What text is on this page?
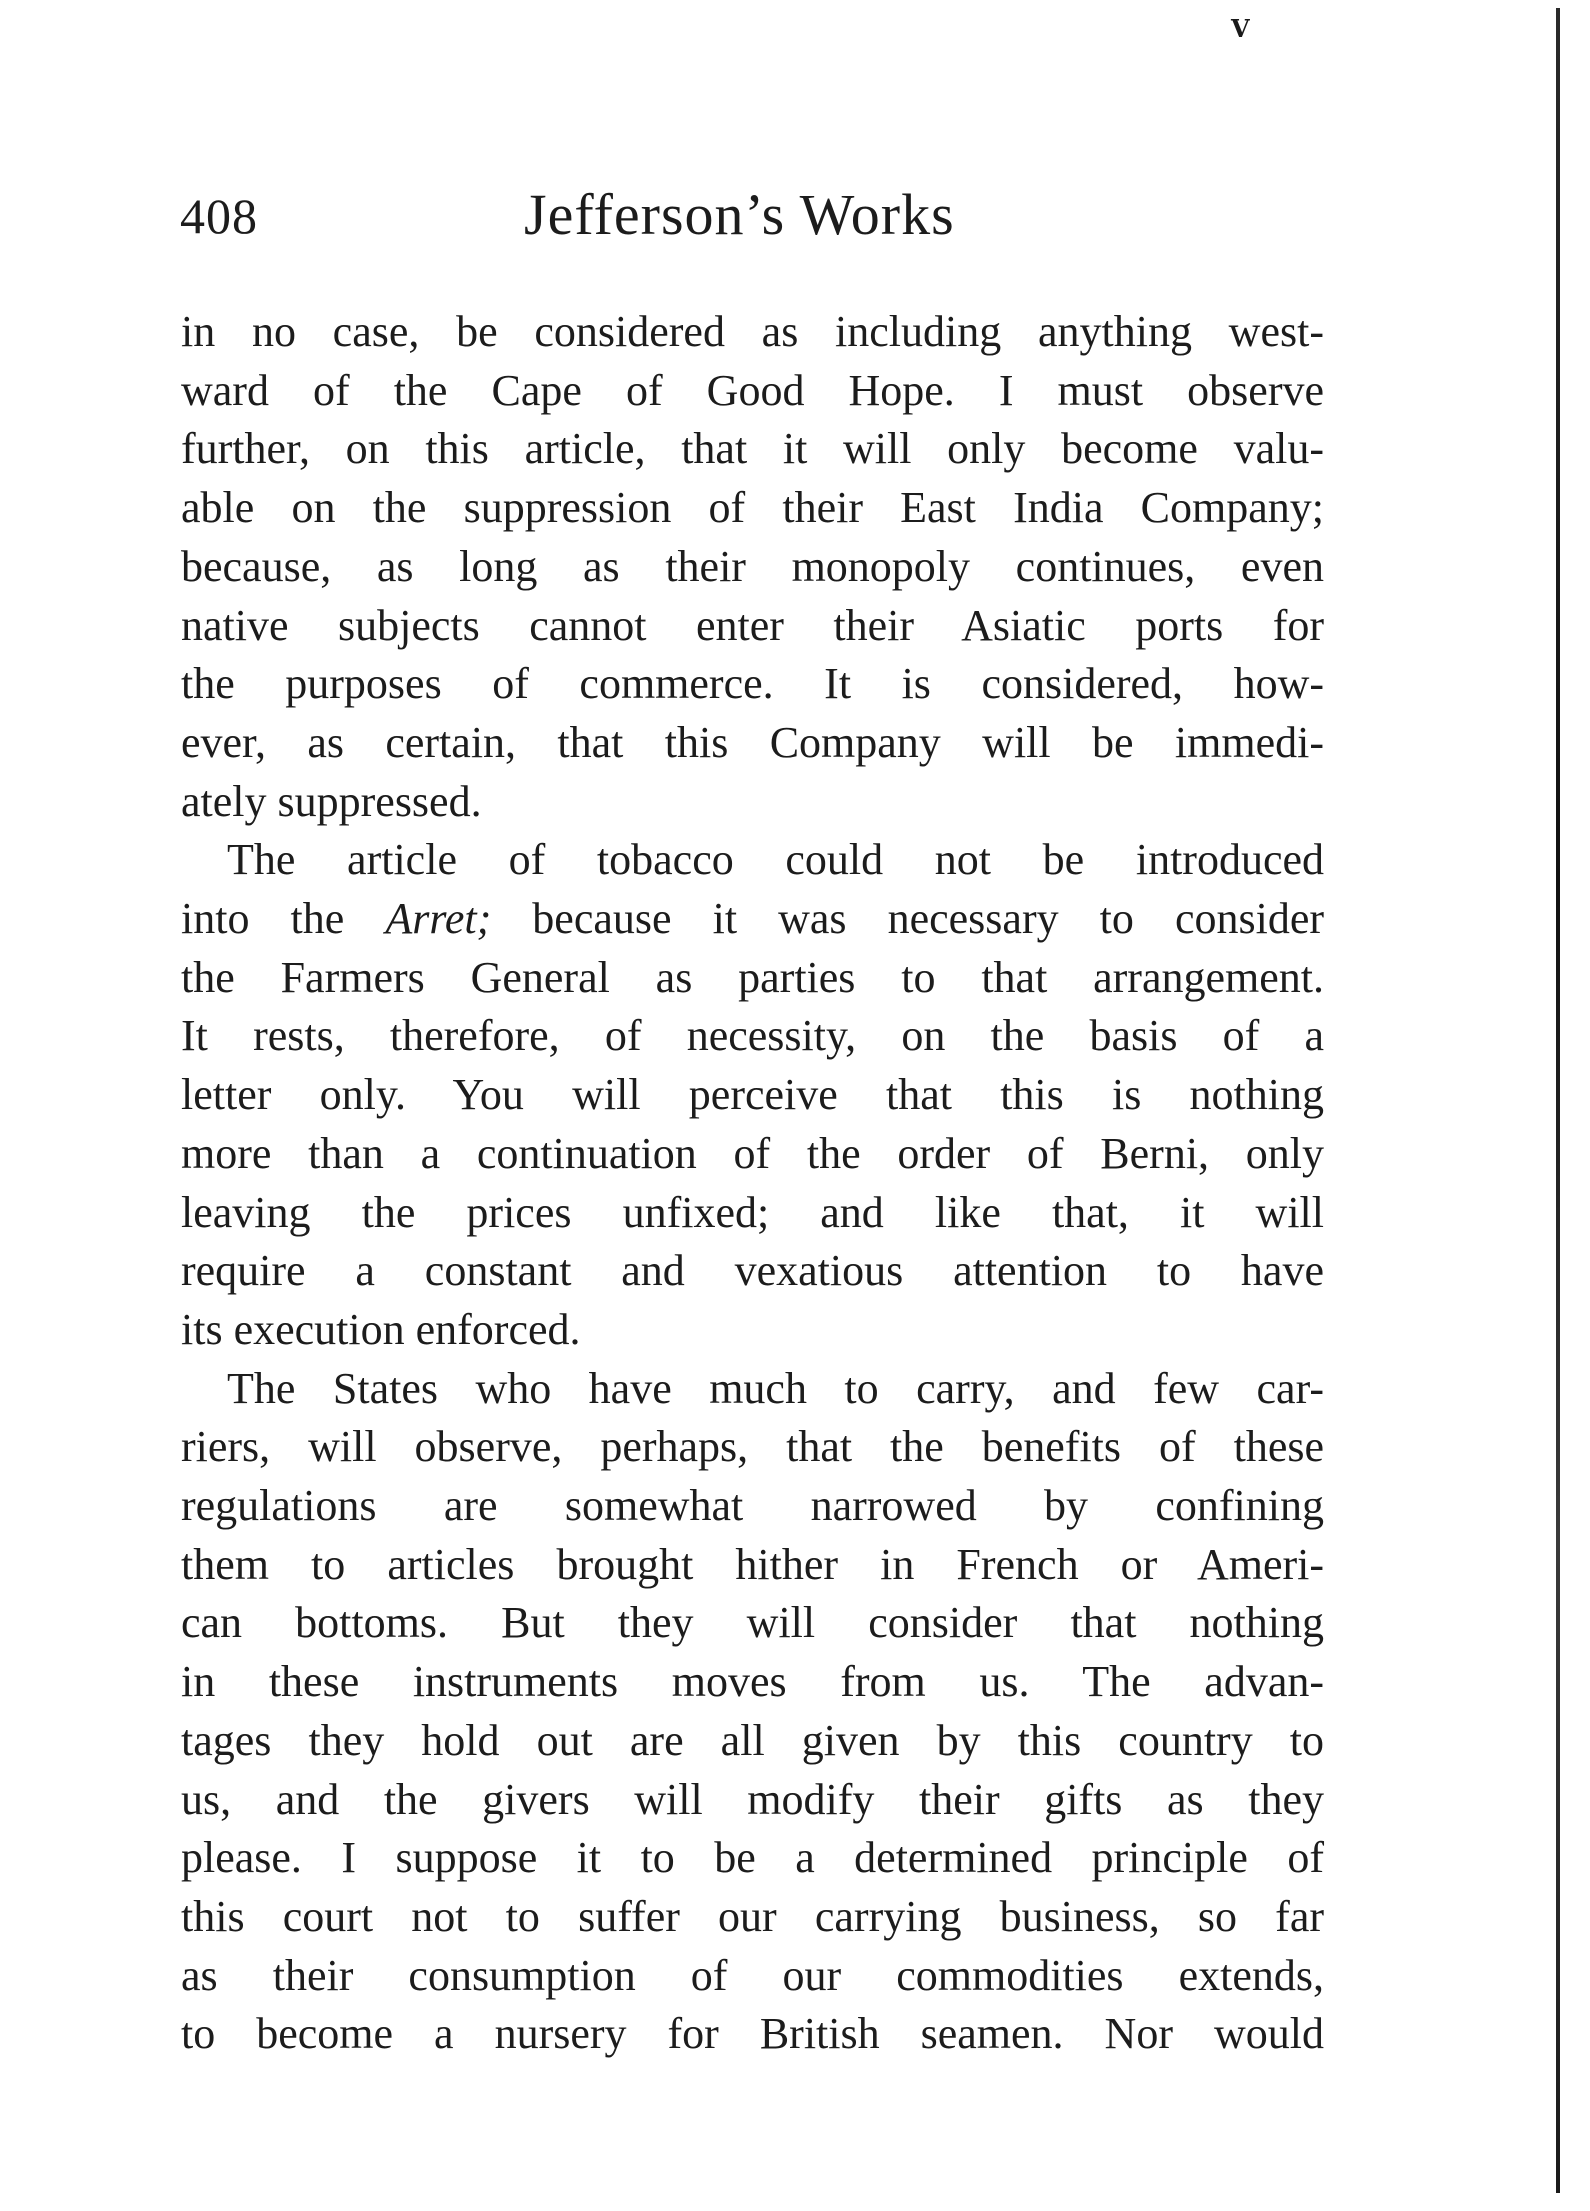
V
408	Jefferson’s Works
in no case, be considered as including anything west-
ward of the Cape of Good Hope. I must observe
further, on this article, that it will only become valu-
able on the suppression of their East India Company;
because, as long as their monopoly continues, even
native subjects cannot enter their Asiatic ports for
the purposes of commerce. It is considered, how-
ever, as certain, that this Company will be immedi-
ately suppressed.
The article of tobacco could not be introduced
into the Arret; because it was necessary to consider
the Farmers General as parties to that arrangement.
It rests, therefore, of necessity, on the basis of a
letter only. You will perceive that this is nothing
more than a continuation of the order of Berni, only
leaving the prices unfixed; and like that, it will
require a constant and vexatious attention to have
its execution enforced.
The States who have much to carry, and few car-
riers, will observe, perhaps, that the benefits of these
regulations are somewhat narrowed by confining
them to articles brought hither in French or Ameri-
can bottoms. But they will consider that nothing
in these instruments moves from us. The advan-
tages they hold out are all given by this country to
us, and the givers will modify their gifts as they
please. I suppose it to be a determined principle of
this court not to suffer our carrying business, so far
as their consumption of our commodities extends,
to become a nursery for British seamen. Nor would
